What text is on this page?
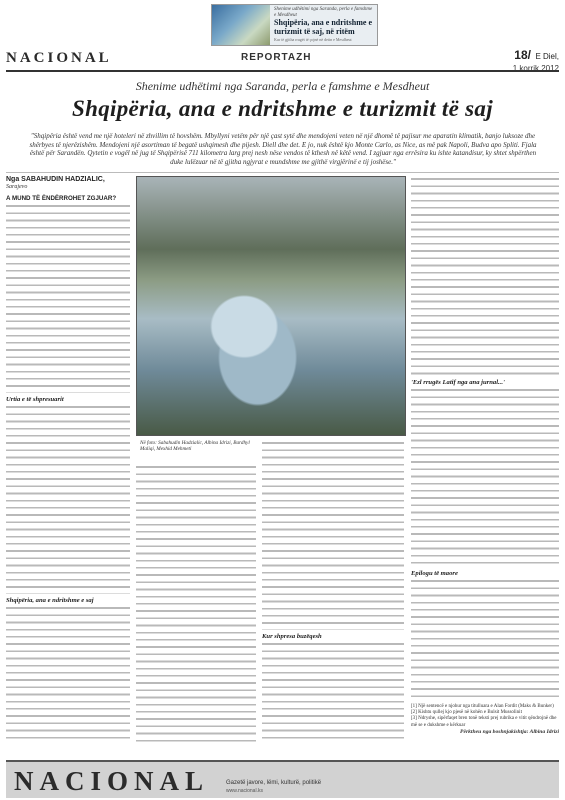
Shenime udhëtimi nga Saranda, perla e famshme e Mesdheut
Shqipëria, ana e ndritshme e turizmit të saj, në ritëm
Kur të gjitha rrugët të çojnë në detin e Mesdheut
NACIONAL	REPORTAZH	18/ E Diel,
1 korrik 2012
Shenime udhëtimi nga Saranda, perla e famshme e Mesdheut
Shqipëria, ana e ndritshme e turizmit të saj
"Shqipëria është vend me një hoteleri në zhvillim të hovshëm. Mbyllyni vetëm për një çast sytë dhe mendojeni veten në një dhomë të pajisur me aparatin klimatik, banjo luksoze dhe shërbyes të njerëzishëm. Mendojeni një asortiman të begatë ushqimesh dhe pijesh. Diell dhe det. E jo, nuk është kjo Monte Carlo, as Nice, as më pak Napoli, Budva apo Spliti. Fjala është për Sarandën. Qytetin e vogël në jug të Shqipërisë 711 kilometra larg prej nesh nëse vendos të kthesh në këtë vend. I zgjuar nga errësira ku ishte katandisur, ky shtet shpërthen duke lulëzuar në të gjitha ngjyrat e mundshme me gjithë virgjërinë e tij joshëse."
Nga SABAHUDIN HADZIALIC,
Sarajevo
A MUND TË ËNDËRROHET ZGJUAR?
Urtia e të shpresuarit
Shqipëria, ana e ndritshme e saj
Në foto: Sabahudin Hadzialic, Albina Idrizi, Bardhyl Maliqi, Mexhid Mehmeti
Kur shpresa buzëqesh
'Ezl rrugës Latif nga ana jurnal...'
Epilogu të maore

[1] Një sentencë e njohur nga titulluara e Alan Fordit (Maks & Bunker)

[2] Kishtu qullej kjo pjesë në kohën e Bulsit Mussolinit

[3] Ndryshe, sipërfaqet bren tonë teksti prej rubrika e vitit qëndrojnë dhe më se e dukshme e kërkuar

Përktheu nga boshnjakishtja: Albina Idrizi

NACIONAL	Gazetë javore, lëmi, kulturë, politikë
www.nacional.ks
